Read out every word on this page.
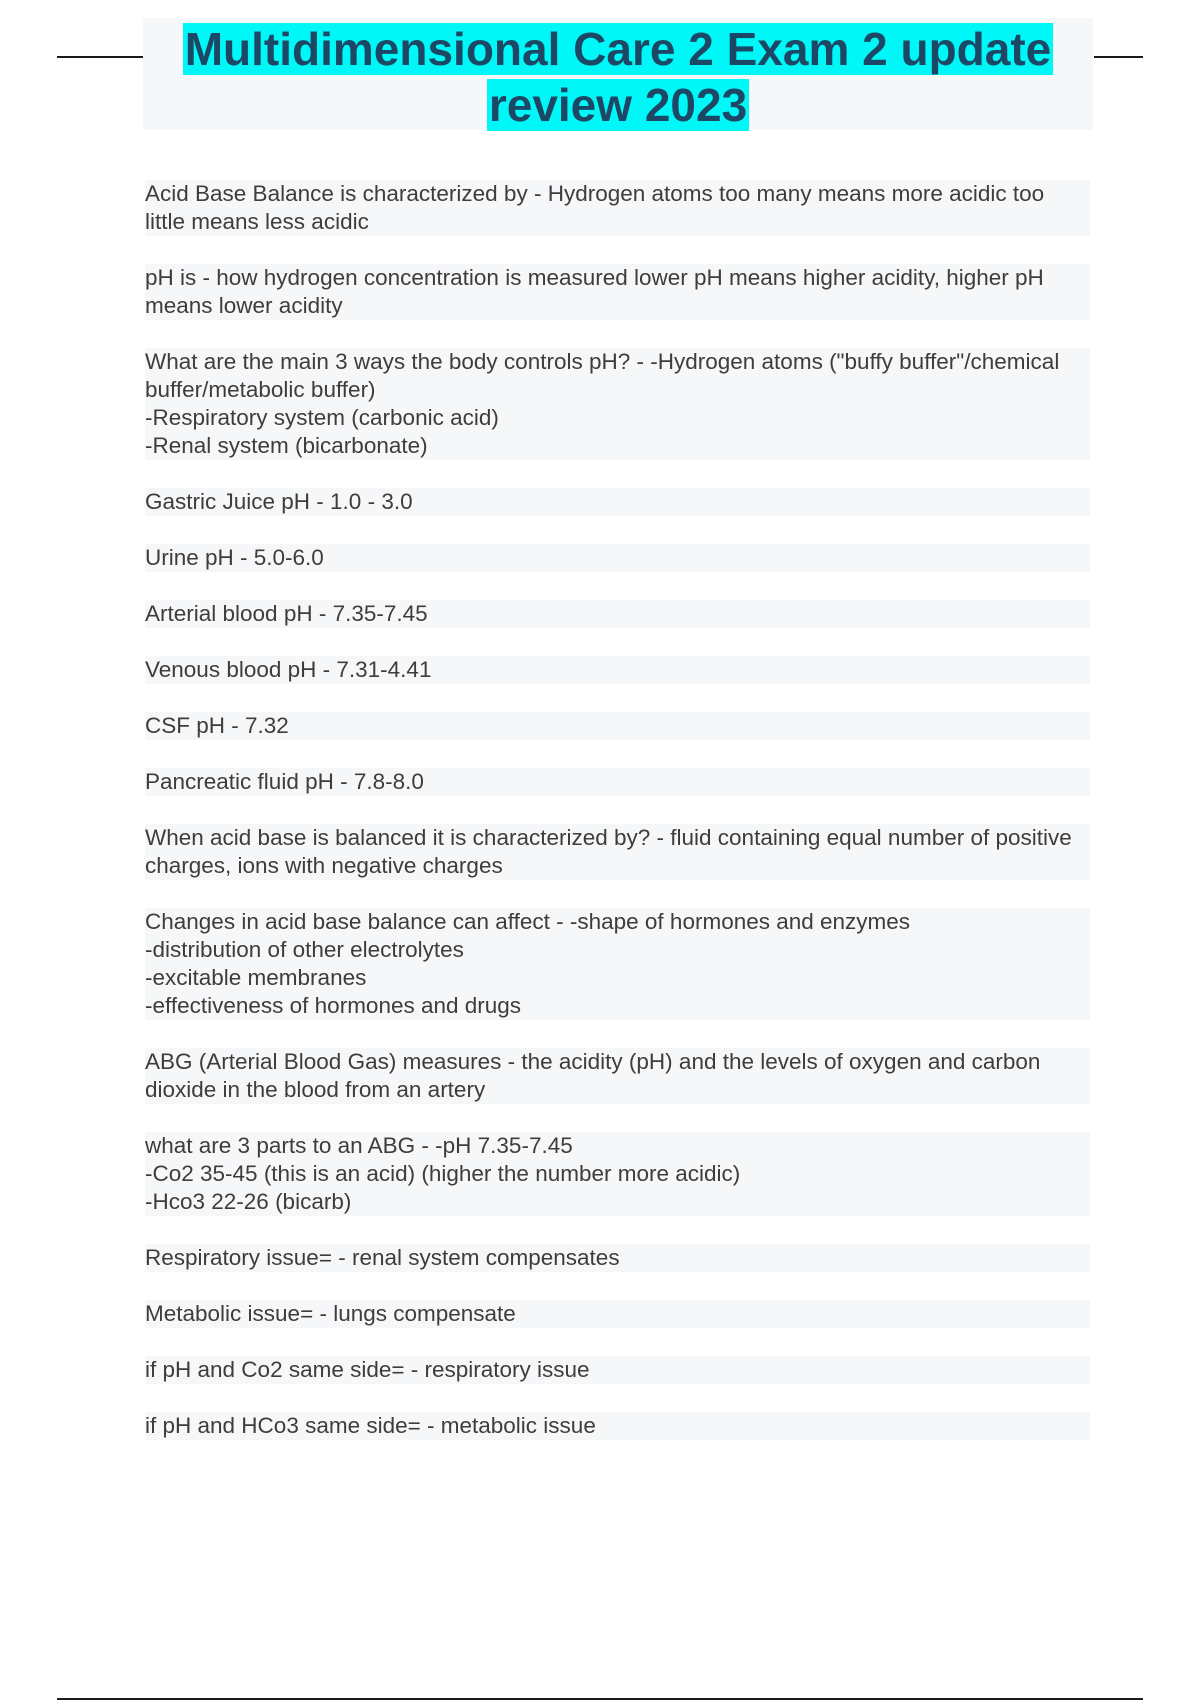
Multidimensional Care 2 Exam 2 update review 2023

Acid Base Balance is characterized by - Hydrogen atoms too many means more acidic too little means less acidic

pH is - how hydrogen concentration is measured lower pH means higher acidity, higher pH means lower acidity

What are the main 3 ways the body controls pH? - -Hydrogen atoms ("buffy buffer"/chemical buffer/metabolic buffer)
-Respiratory system (carbonic acid)
-Renal system (bicarbonate)

Gastric Juice pH - 1.0 - 3.0

Urine pH - 5.0-6.0

Arterial blood pH - 7.35-7.45

Venous blood pH - 7.31-4.41

CSF pH - 7.32

Pancreatic fluid pH - 7.8-8.0

When acid base is balanced it is characterized by? - fluid containing equal number of positive charges, ions with negative charges

Changes in acid base balance can affect - -shape of hormones and enzymes
-distribution of other electrolytes
-excitable membranes
-effectiveness of hormones and drugs

ABG (Arterial Blood Gas) measures - the acidity (pH) and the levels of oxygen and carbon dioxide in the blood from an artery

what are 3 parts to an ABG - -pH 7.35-7.45
-Co2 35-45 (this is an acid) (higher the number more acidic)
-Hco3 22-26 (bicarb)

Respiratory issue= - renal system compensates

Metabolic issue= - lungs compensate

if pH and Co2 same side= - respiratory issue

if pH and HCo3 same side= - metabolic issue
